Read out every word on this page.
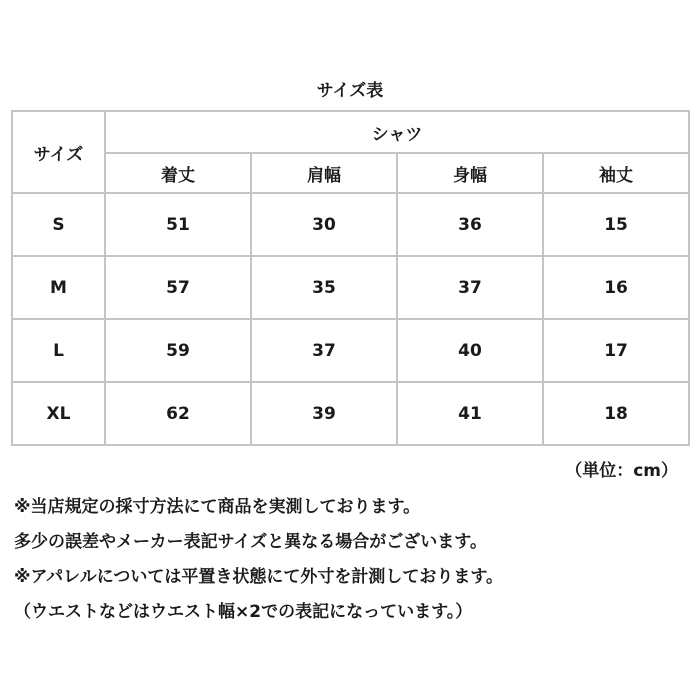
サイズ表
サイズ	シャツ			
	着丈	肩幅	身幅	袖丈
S	51	30	36	15
M	57	35	37	16
L	59	37	40	17
XL	62	39	41	18
（単位：cm）
※当店規定の採寸方法にて商品を実測しております。
多少の誤差やメーカー表記サイズと異なる場合がございます。
※アパレルについては平置き状態にて外寸を計測しております。
（ウエストなどはウエスト幅×2での表記になっています。）
